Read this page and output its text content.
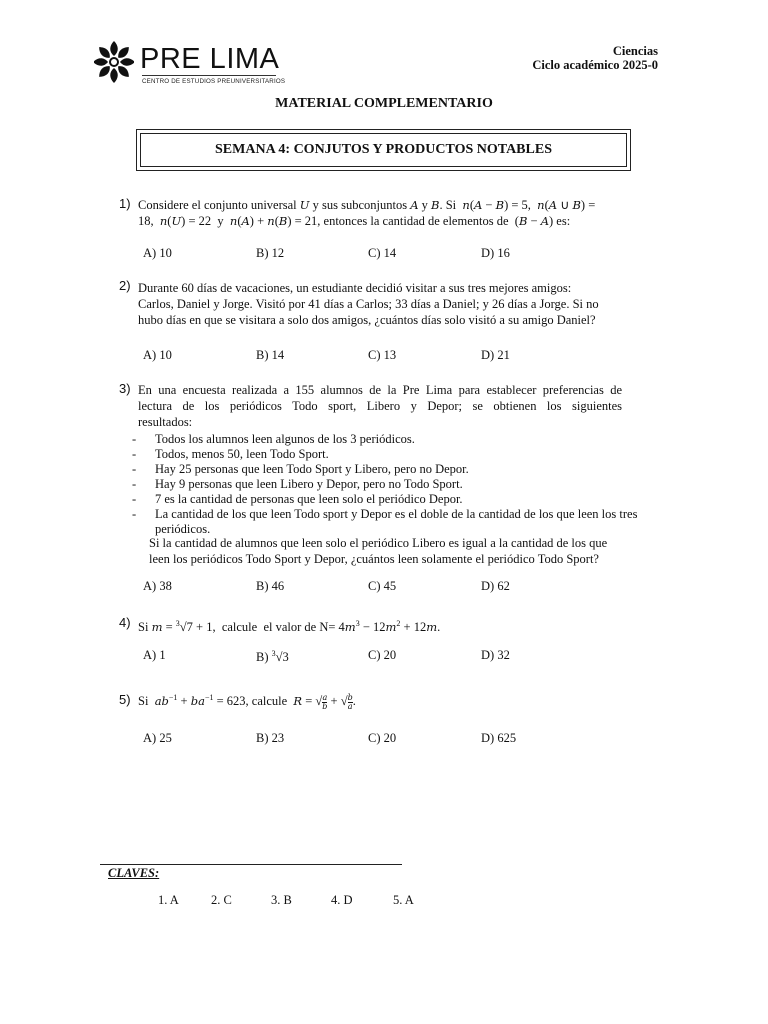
PRE LIMA
CENTRO DE ESTUDIOS PREUNIVERSITARIOS
Ciencias
Ciclo académico 2025-0
MATERIAL COMPLEMENTARIO
SEMANA 4: CONJUTOS Y PRODUCTOS NOTABLES
1) Considere el conjunto universal U y sus subconjuntos A y B. Si  n(A − B) = 5,  n(A ∪ B) =
18,  n(U) = 22  y  n(A) + n(B) = 21, entonces la cantidad de elementos de  (B − A) es:
A) 10	B) 12	C) 14	D) 16
2) Durante 60 días de vacaciones, un estudiante decidió visitar a sus tres mejores amigos:
Carlos, Daniel y Jorge. Visitó por 41 días a Carlos; 33 días a Daniel; y 26 días a Jorge. Si no
hubo días en que se visitara a solo dos amigos, ¿cuántos días solo visitó a su amigo Daniel?
A) 10	B) 14	C) 13	D) 21
3) En una encuesta realizada a 155 alumnos de la Pre Lima para establecer preferencias de
lectura de los periódicos Todo sport, Libero y Depor; se obtienen los siguientes
resultados:
- Todos los alumnos leen algunos de los 3 periódicos.
- Todos, menos 50, leen Todo Sport.
- Hay 25 personas que leen Todo Sport y Libero, pero no Depor.
- Hay 9 personas que leen Libero y Depor, pero no Todo Sport.
- 7 es la cantidad de personas que leen solo el periódico Depor.
- La cantidad de los que leen Todo sport y Depor es el doble de la cantidad de los que leen los tres periódicos.
Si la cantidad de alumnos que leen solo el periódico Libero es igual a la cantidad de los que
leen los periódicos Todo Sport y Depor, ¿cuántos leen solamente el periódico Todo Sport?
A) 38	B) 46	C) 45	D) 62
4) Si m = $^3$√7 + 1,  calcule  el valor de $N= 4m^3 - 12m^2 + 12m$.
A) 1	B) $^3$√3	C) 20	D) 32
5) Si  $ab^{-1} + ba^{-1} = 623$, calcule  R = √ $\frac{a}{b}$ + √ $\frac{b}{a}$ .
A) 25	B) 23	C) 20	D) 625
CLAVES:
1. A	2. C	3. B	4. D	5. A
